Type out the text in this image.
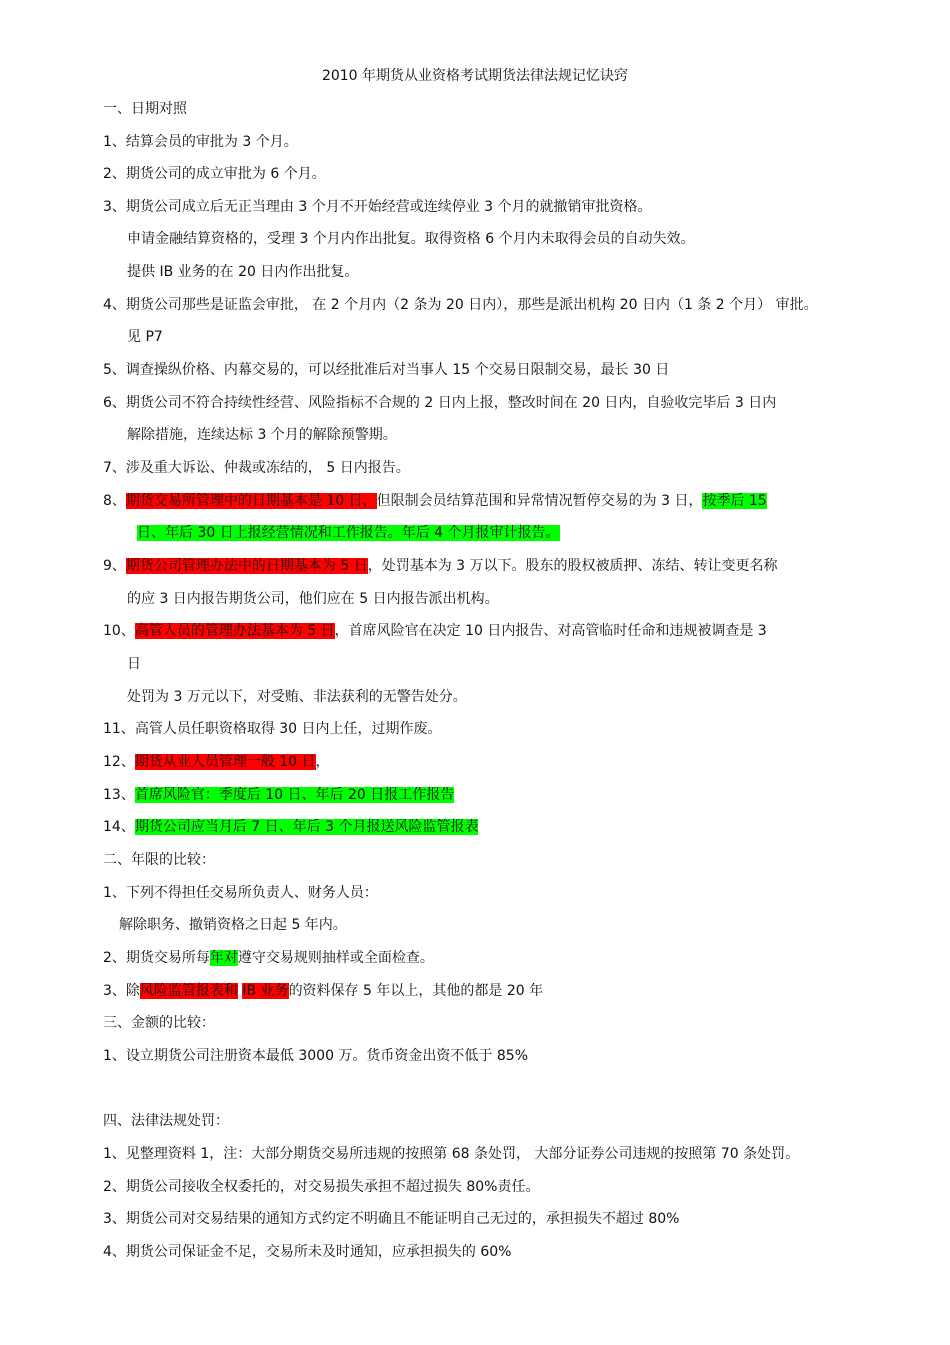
2010 年期货从业资格考试期货法律法规记忆诀窍
一、日期对照
1、结算会员的审批为 3 个月。
2、期货公司的成立审批为 6 个月。
3、期货公司成立后无正当理由 3 个月不开始经营或连续停业 3 个月的就撤销审批资格。
申请金融结算资格的，受理 3 个月内作出批复。取得资格 6 个月内未取得会员的自动失效。
提供 IB 业务的在 20 日内作出批复。
4、期货公司那些是证监会审批， 在 2 个月内（2 条为 20 日内），那些是派出机构 20 日内（1 条 2 个月） 审批。
见 P7
5、调查操纵价格、内幕交易的，可以经批准后对当事人 15 个交易日限制交易，最长 30 日
6、期货公司不符合持续性经营、风险指标不合规的 2 日内上报，整改时间在 20 日内，自验收完毕后 3 日内
解除措施，连续达标 3 个月的解除预警期。
7、涉及重大诉讼、仲裁或冻结的， 5 日内报告。
8、期货交易所管理中的日期基本是 10 日，但限制会员结算范围和异常情况暂停交易的为 3 日，按季后 15
日、年后 30 日上报经营情况和工作报告。年后 4 个月报审计报告。
9、期货公司管理办法中的日期基本为 5 日，处罚基本为 3 万以下。股东的股权被质押、冻结、转让变更名称
的应 3 日内报告期货公司，他们应在 5 日内报告派出机构。
10、高管人员的管理办法基本为 5 日，首席风险官在决定 10 日内报告、对高管临时任命和违规被调查是 3
日
处罚为 3 万元以下，对受贿、非法获利的无警告处分。
11、高管人员任职资格取得 30 日内上任，过期作废。
12、期货从业人员管理一般 10 日，
13、首席风险官：季度后 10 日、年后 20 日报工作报告
14、期货公司应当月后 7 日、年后 3 个月报送风险监管报表
二、年限的比较：
1、下列不得担任交易所负责人、财务人员：
解除职务、撤销资格之日起 5 年内。
2、期货交易所每年对遵守交易规则抽样或全面检查。
3、除风险监管报表和 IB 业务的资料保存 5 年以上，其他的都是 20 年
三、金额的比较：
1、设立期货公司注册资本最低 3000 万。货币资金出资不低于 85%
四、法律法规处罚：
1、见整理资料 1，注：大部分期货交易所违规的按照第 68 条处罚， 大部分证券公司违规的按照第 70 条处罚。
2、期货公司接收全权委托的，对交易损失承担不超过损失 80%责任。
3、期货公司对交易结果的通知方式约定不明确且不能证明自己无过的，承担损失不超过 80%
4、期货公司保证金不足，交易所未及时通知，应承担损失的 60%
